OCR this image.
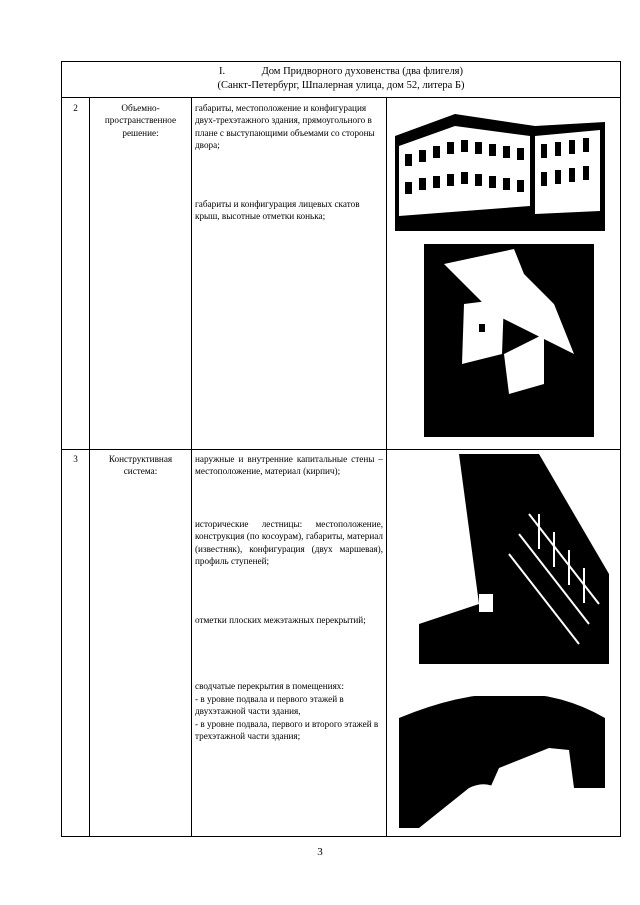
I.	Дом Придворного духовенства (два флигеля)
(Санкт-Петербург, Шпалерная улица, дом 52, литера Б)
2	Объемно-пространственное решение:
габариты, местоположение и конфигурация двух-трехэтажного здания, прямоугольного в плане с выступающими объемами со стороны двора;
габариты и конфигурация лицевых скатов крыш, высотные отметки конька;
3	Конструктивная система:
наружные и внутренние капитальные стены – местоположение, материал (кирпич);
исторические лестницы: местоположение, конструкция (по косоурам), габариты, материал (известняк), конфигурация (двух маршевая), профиль ступеней;
отметки плоских межэтажных перекрытий;

сводчатые перекрытия в помещениях:
- в уровне подвала и первого этажей в двухэтажной части здания,
- в уровне подвала, первого и второго этажей в трехэтажной части здания;

3
